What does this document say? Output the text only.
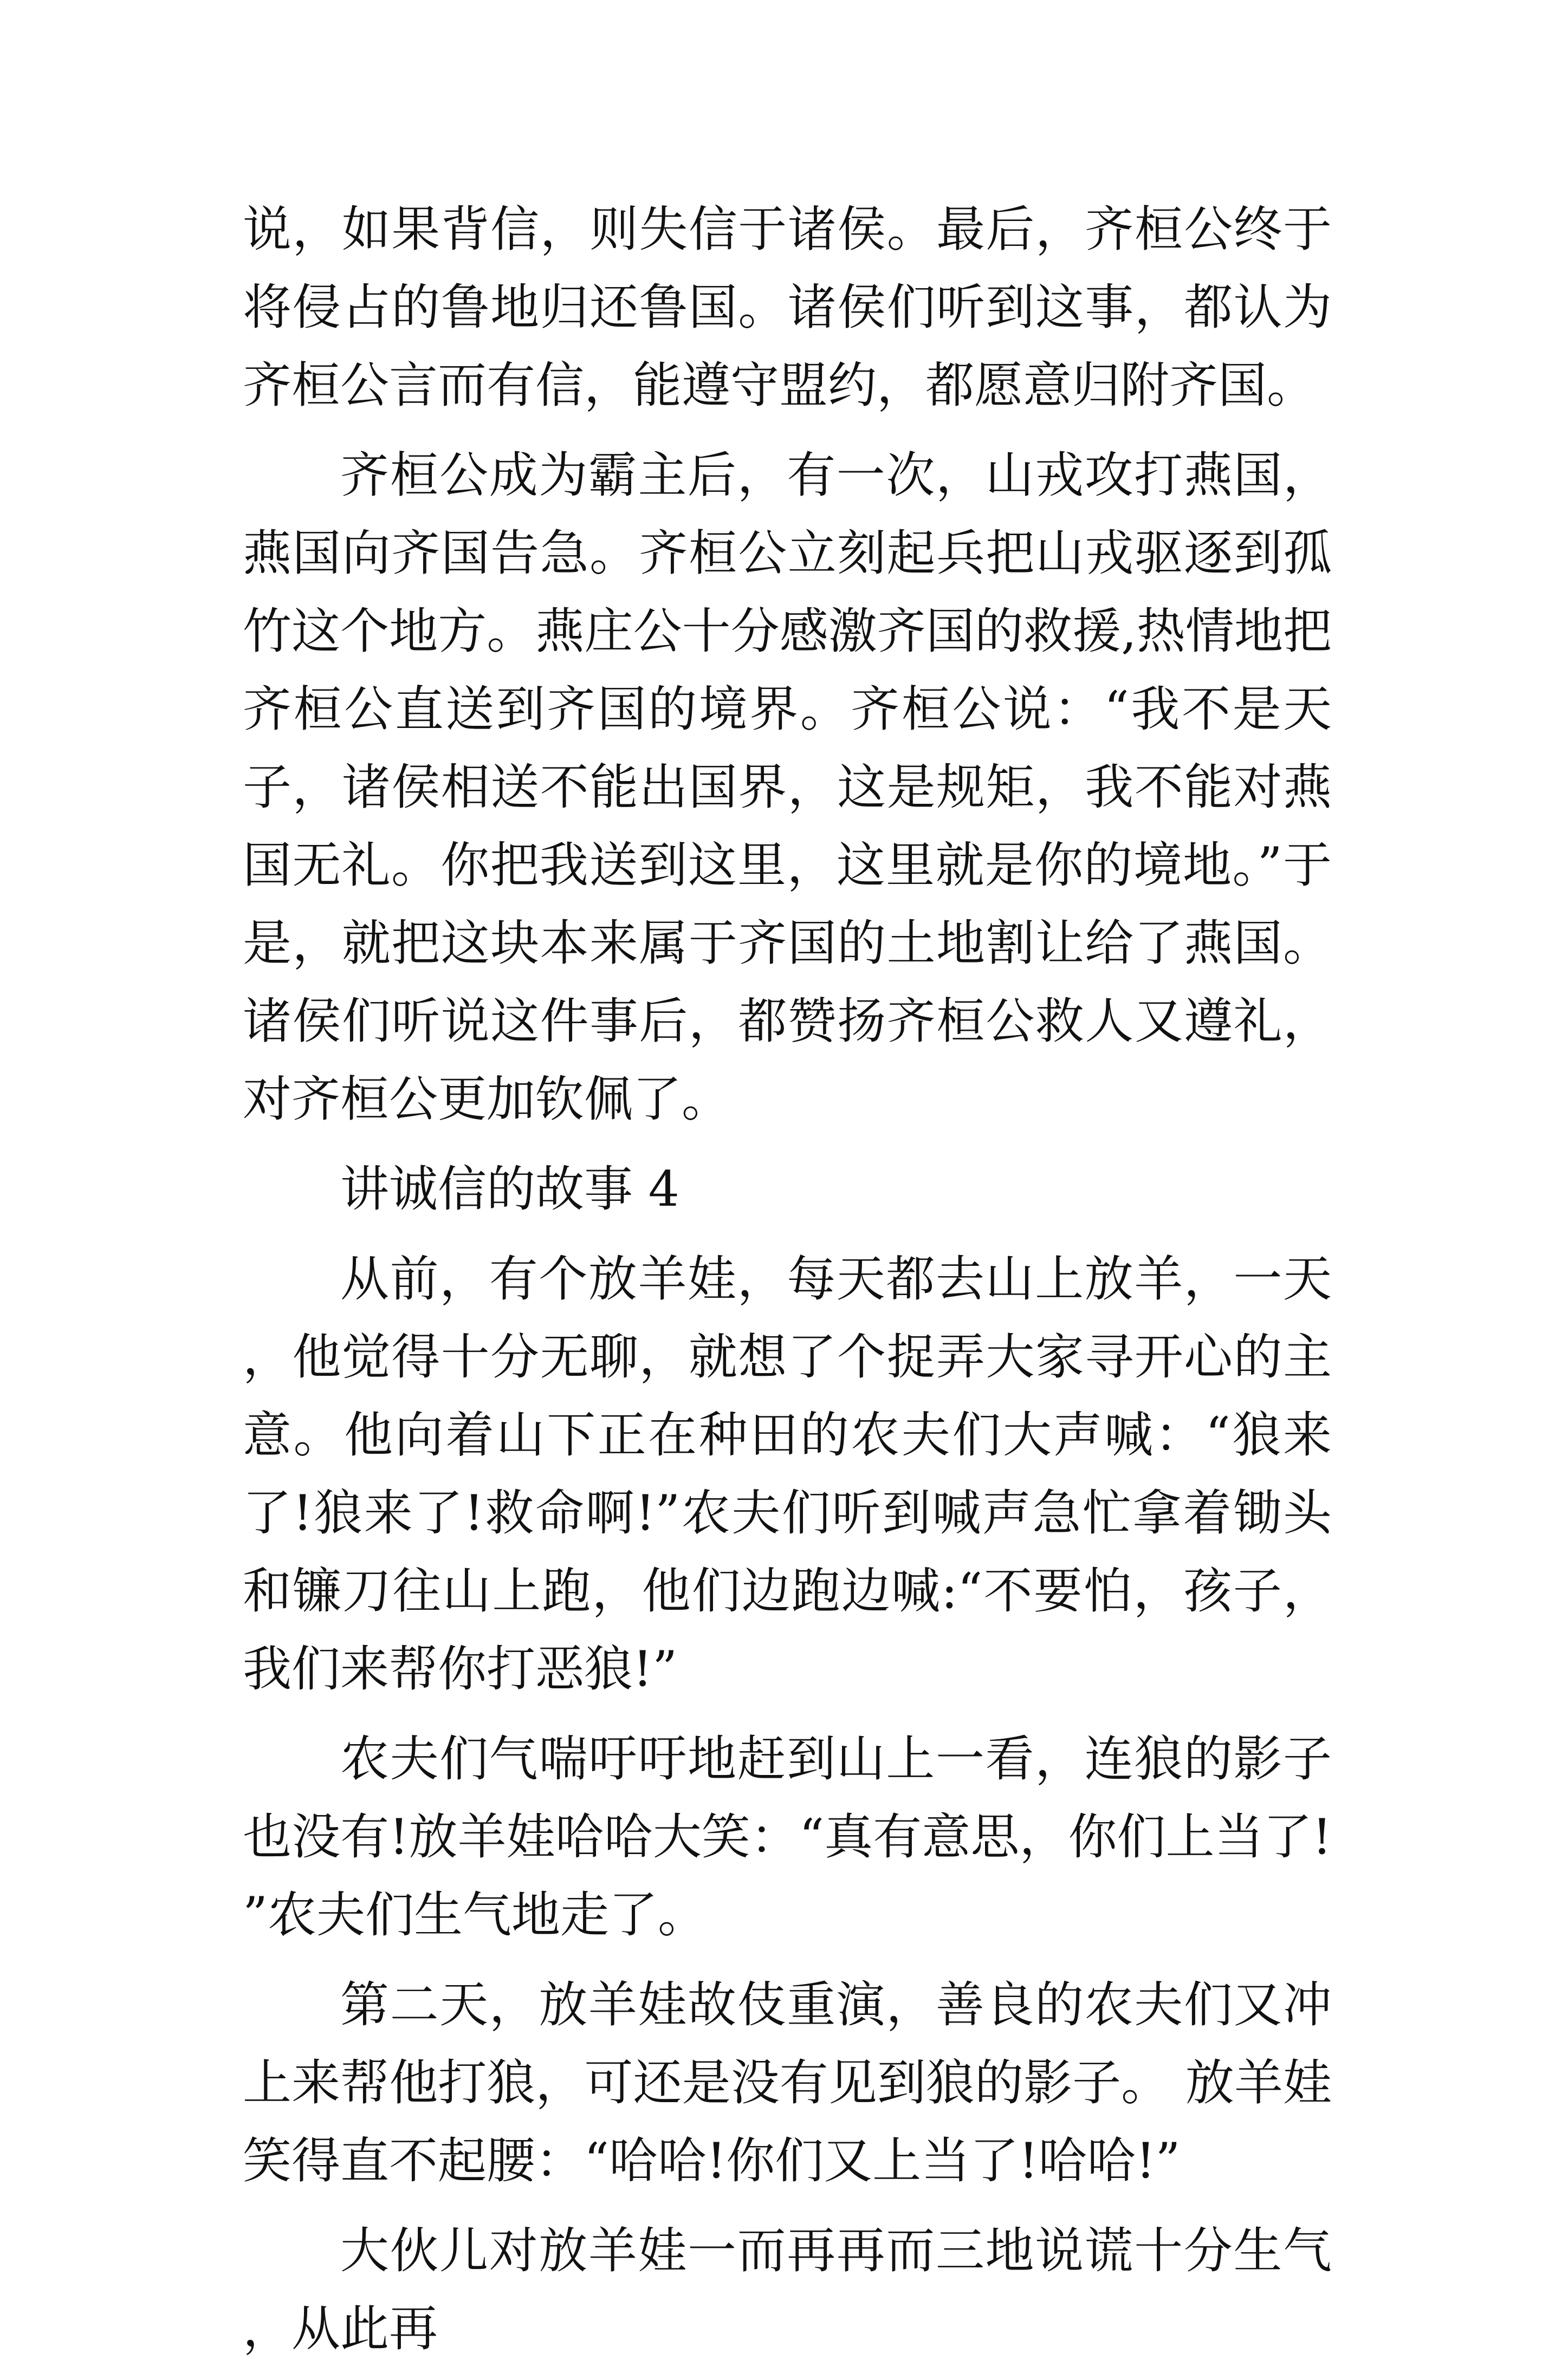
说，如果背信，则失信于诸侯。最后，齐桓公终于将侵占的鲁地归还鲁国。诸侯们听到这事，都认为齐桓公言而有信，能遵守盟约，都愿意归附齐国。

齐桓公成为霸主后，有一次，山戎攻打燕国，燕国向齐国告急。齐桓公立刻起兵把山戎驱逐到孤竹这个地方。燕庄公十分感激齐国的救援,热情地把齐桓公直送到齐国的境界。齐桓公说：“我不是天子，诸侯相送不能出国界，这是规矩，我不能对燕国无礼。你把我送到这里，这里就是你的境地。”于是，就把这块本来属于齐国的土地割让给了燕国。诸侯们听说这件事后，都赞扬齐桓公救人又遵礼，对齐桓公更加钦佩了。

讲诚信的故事 4

从前，有个放羊娃，每天都去山上放羊，一天，他觉得十分无聊，就想了个捉弄大家寻开心的主意。他向着山下正在种田的农夫们大声喊：“狼来了!狼来了!救命啊!”农夫们听到喊声急忙拿着锄头和镰刀往山上跑，他们边跑边喊:“不要怕，孩子，我们来帮你打恶狼!”

农夫们气喘吁吁地赶到山上一看，连狼的影子也没有!放羊娃哈哈大笑：“真有意思，你们上当了!”农夫们生气地走了。

第二天，放羊娃故伎重演，善良的农夫们又冲上来帮他打狼，可还是没有见到狼的影子。 放羊娃笑得直不起腰：“哈哈!你们又上当了!哈哈!”

大伙儿对放羊娃一而再再而三地说谎十分生气，从此再
